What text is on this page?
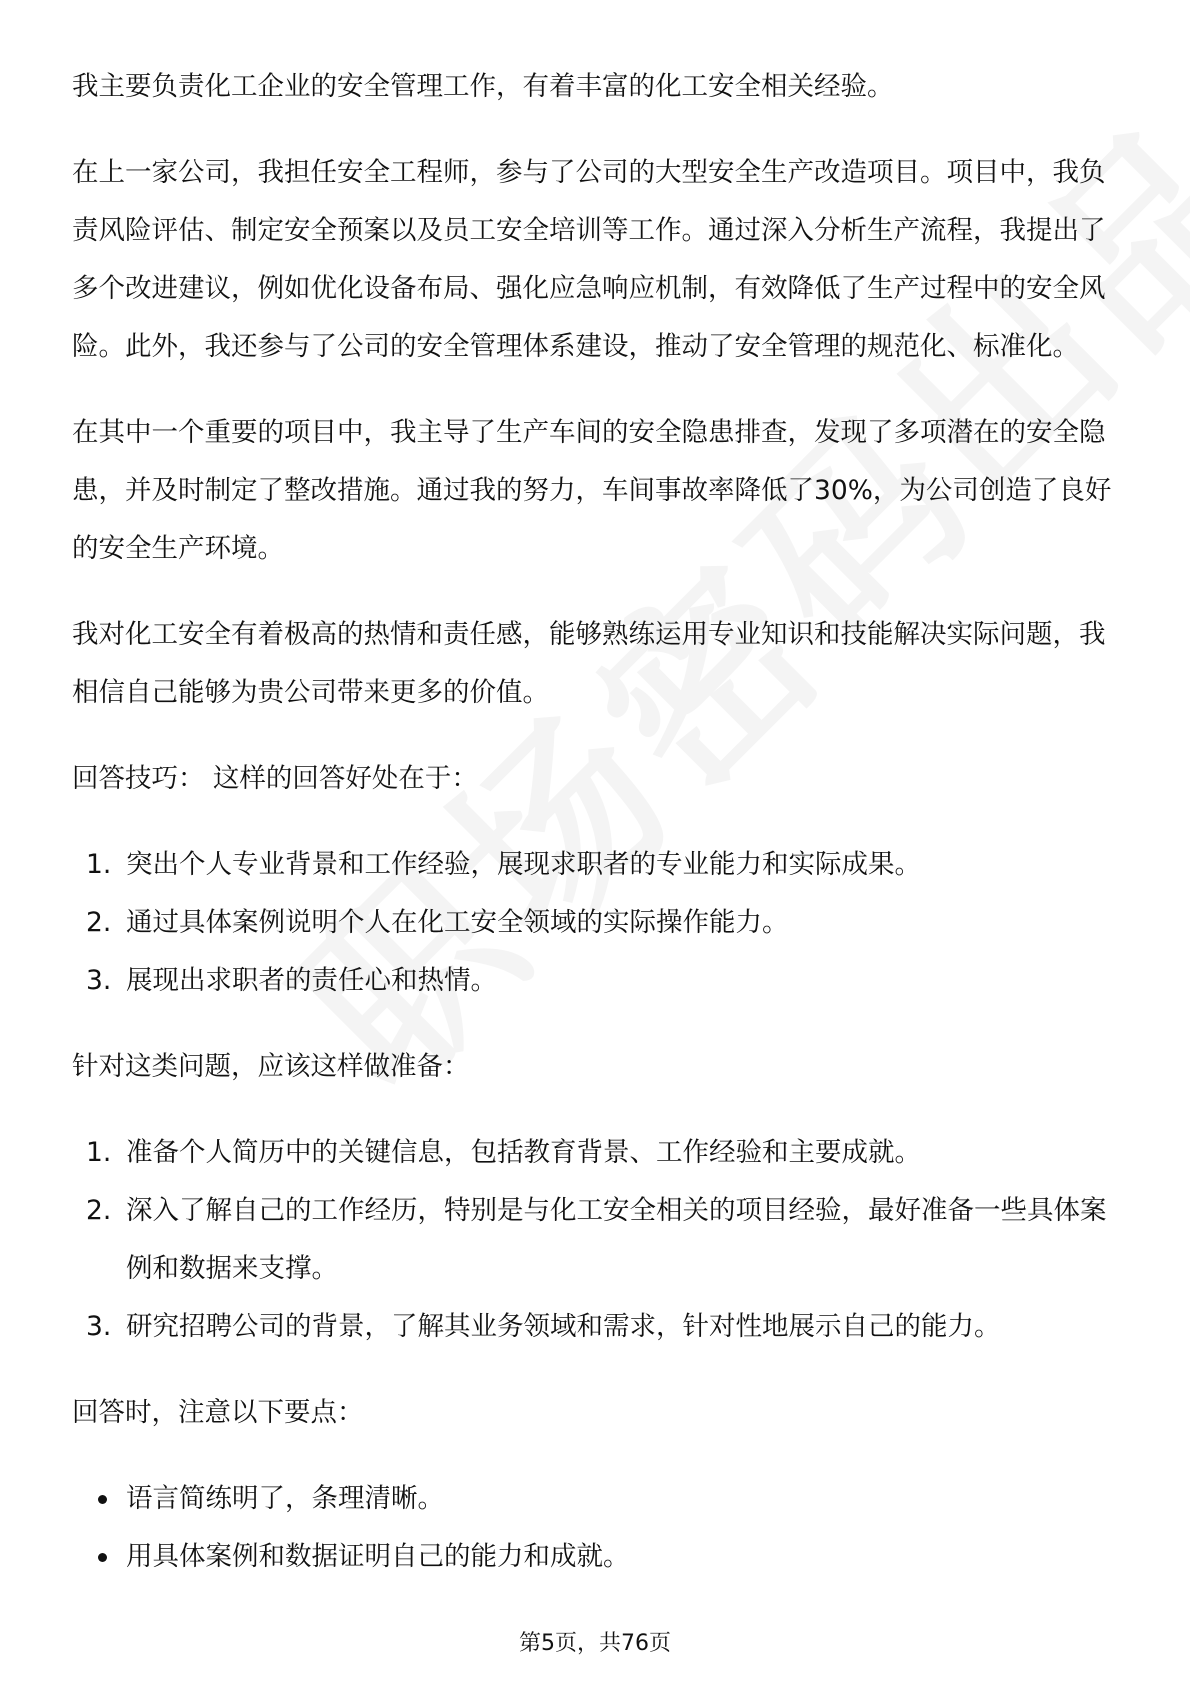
我主要负责化工企业的安全管理工作，有着丰富的化工安全相关经验。

在上一家公司，我担任安全工程师，参与了公司的大型安全生产改造项目。项目中，我负责风险评估、制定安全预案以及员工安全培训等工作。通过深入分析生产流程，我提出了多个改进建议，例如优化设备布局、强化应急响应机制，有效降低了生产过程中的安全风险。此外，我还参与了公司的安全管理体系建设，推动了安全管理的规范化、标准化。

在其中一个重要的项目中，我主导了生产车间的安全隐患排查，发现了多项潜在的安全隐患，并及时制定了整改措施。通过我的努力，车间事故率降低了30%，为公司创造了良好的安全生产环境。

我对化工安全有着极高的热情和责任感，能够熟练运用专业知识和技能解决实际问题，我相信自己能够为贵公司带来更多的价值。

回答技巧： 这样的回答好处在于：

1. 突出个人专业背景和工作经验，展现求职者的专业能力和实际成果。
2. 通过具体案例说明个人在化工安全领域的实际操作能力。
3. 展现出求职者的责任心和热情。

针对这类问题，应该这样做准备：

1. 准备个人简历中的关键信息，包括教育背景、工作经验和主要成就。
2. 深入了解自己的工作经历，特别是与化工安全相关的项目经验，最好准备一些具体案例和数据来支撑。
3. 研究招聘公司的背景，了解其业务领域和需求，针对性地展示自己的能力。

回答时，注意以下要点：

语言简练明了，条理清晰。
用具体案例和数据证明自己的能力和成就。
第5页，共76页
